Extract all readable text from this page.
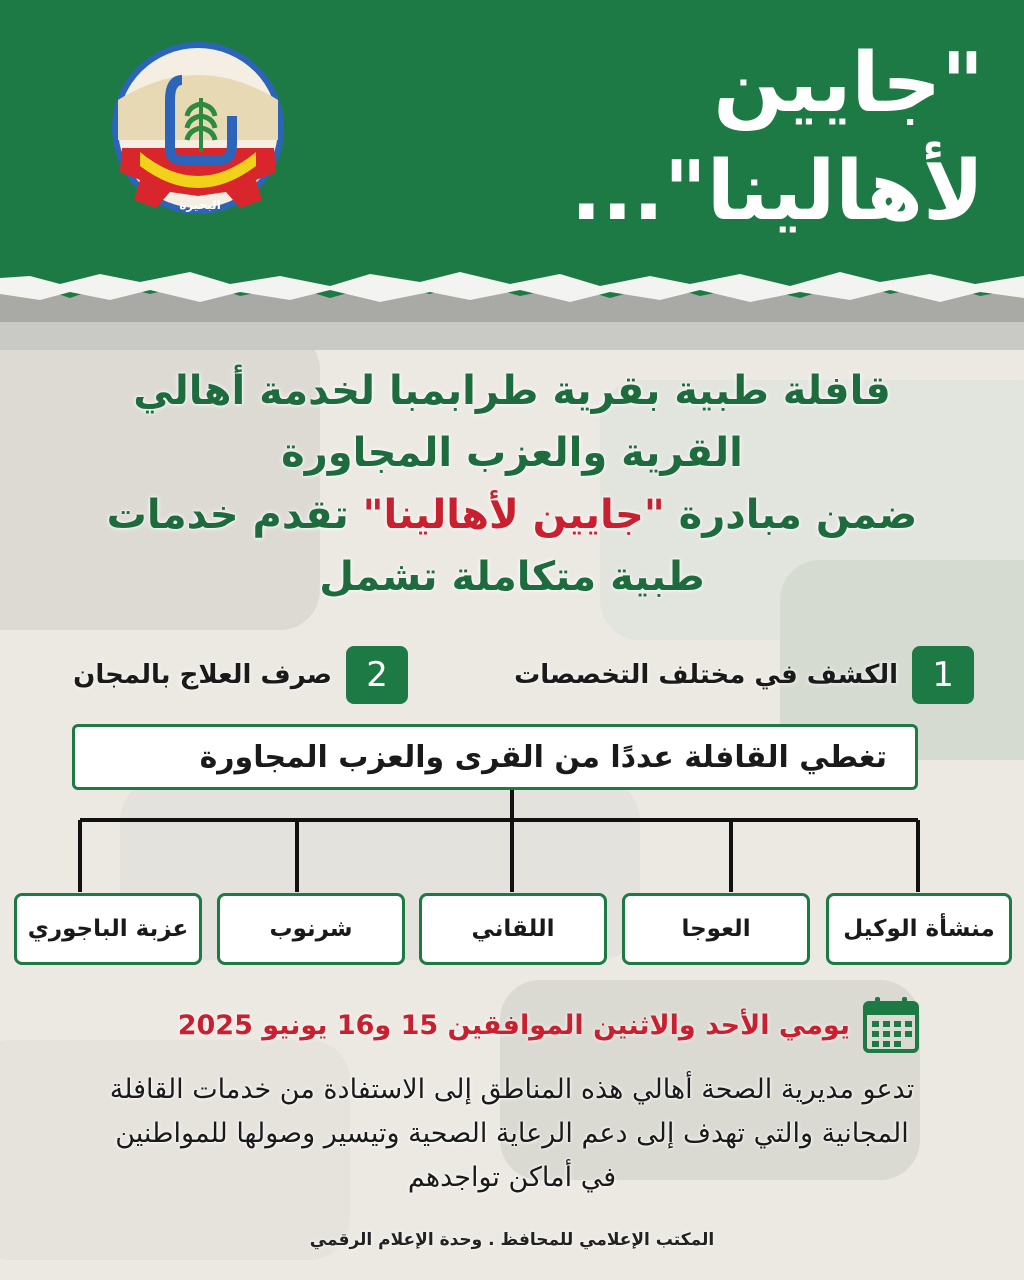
"جايين
لأهالينا"...
البحيرة
قافلة طبية بقرية طرابمبا لخدمة أهالي
القرية والعزب المجاورة
ضمن مبادرة "جايين لأهالينا" تقدم خدمات
طبية متكاملة تشمل
1
الكشف في مختلف التخصصات
2
صرف العلاج بالمجان
تغطي القافلة عددًا من القرى والعزب المجاورة
منشأة الوكيل
العوجا
اللقاني
شرنوب
عزبة الباجوري
يومي الأحد والاثنين الموافقين 15 و16 يونيو 2025
تدعو مديرية الصحة أهالي هذه المناطق إلى الاستفادة من خدمات القافلة
المجانية والتي تهدف إلى دعم الرعاية الصحية وتيسير وصولها للمواطنين
في أماكن تواجدهم
المكتب الإعلامي للمحافظ . وحدة الإعلام الرقمي
